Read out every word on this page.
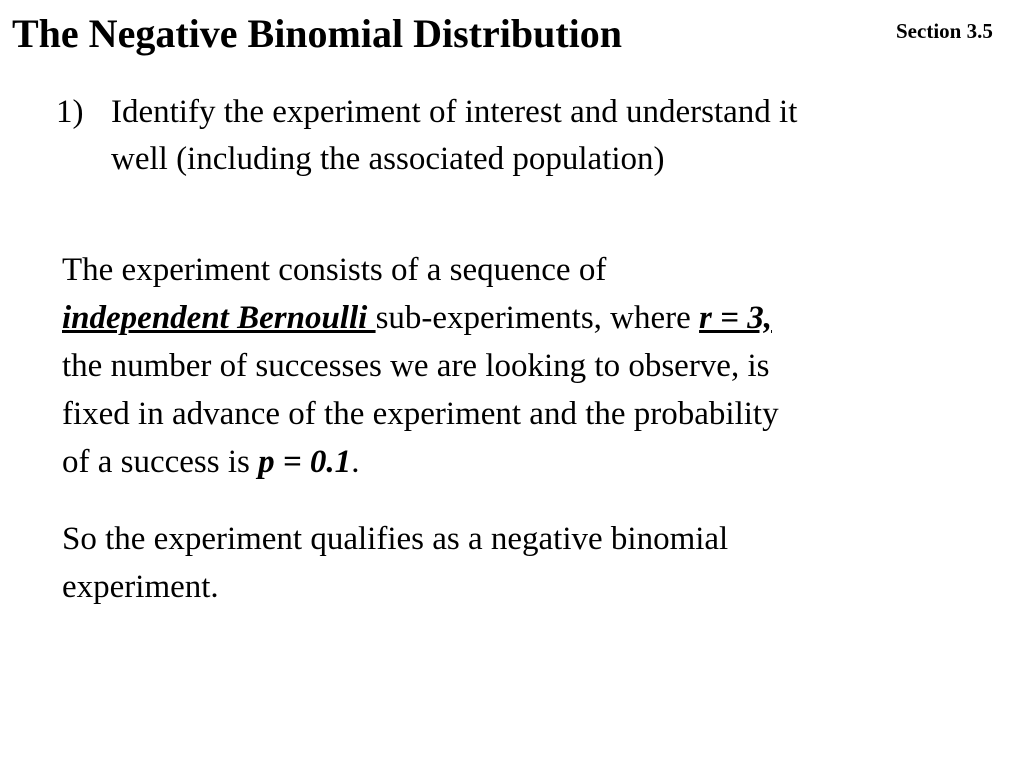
The Negative Binomial Distribution	Section 3.5
1) Identify the experiment of interest and understand it
well (including the associated population)
The experiment consists of a sequence of
independent Bernoulli sub-experiments, where r = 3,
the number of successes we are looking to observe, is
fixed in advance of the experiment and the probability
of a success is p = 0.1.
So the experiment qualifies as a negative binomial
experiment.
